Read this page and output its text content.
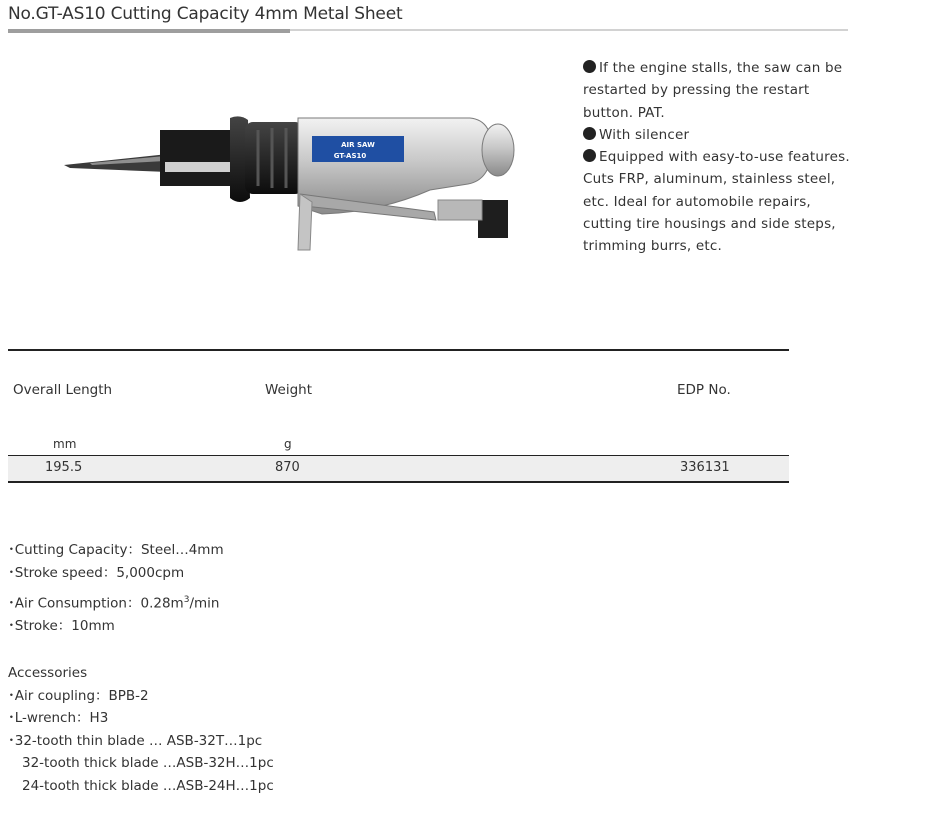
No.GT-AS10 Cutting Capacity 4mm Metal Sheet
AIR SAW
GT-AS10

If the engine stalls, the saw can be restarted by pressing the restart button. PAT.

With silencer

Equipped with easy-to-use features. Cuts FRP, aluminum, stainless steel, etc. Ideal for automobile repairs, cutting tire housings and side steps, trimming burrs, etc.

Overall Length	Weight	EDP No.
mm	g
195.5	870	336131

･Cutting Capacity：Steel…4mm

･Stroke speed：5,000cpm

･Air Consumption：$0.28m^3/\min$

･Stroke：10mm

Accessories

･Air coupling：BPB-2

･L-wrench：H3

･32-tooth thin blade … ASB-32T…1pc

32-tooth thick blade …ASB-32H…1pc

24-tooth thick blade …ASB-24H…1pc
